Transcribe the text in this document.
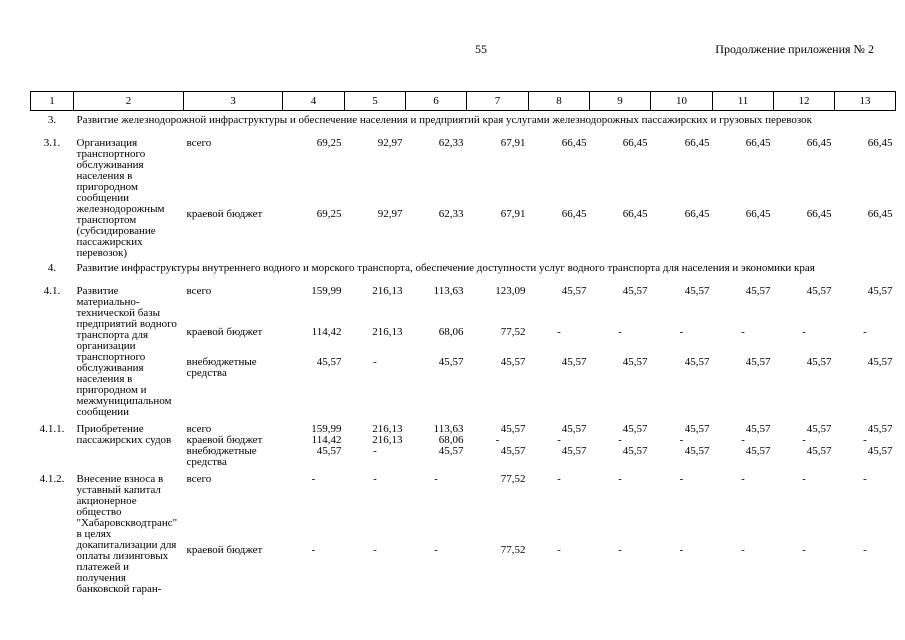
55	Продолжение приложения № 2
1	2	3	4	5	6	7	8	9	10	11	12	13
3.	Развитие железнодорожной инфраструктуры и обеспечение населения и предприятий края услугами железнодорожных пассажирских и грузовых перевозок											
3.1.	Организация транспортного обслуживания населения в пригородном сообщении железнодорожным транспортом (субсидирование пассажирских перевозок)	всего	69,25	92,97	62,33	67,91	66,45	66,45	66,45	66,45	66,45	66,45
		краевой бюджет	69,25	92,97	62,33	67,91	66,45	66,45	66,45	66,45	66,45	66,45
4.	Развитие инфраструктуры внутреннего водного и морского транспорта, обеспечение доступности услуг водного транспорта для населения и экономики края											
4.1.	Развитие материально-технической базы предприятий водного транспорта для организации транспортного обслуживания населения в пригородном и межмуниципальном сообщении	всего	159,99	216,13	113,63	123,09	45,57	45,57	45,57	45,57	45,57	45,57
		краевой бюджет	114,42	216,13	68,06	77,52	-	-	-	-	-	-
		внебюджетные средства	45,57	-	45,57	45,57	45,57	45,57	45,57	45,57	45,57	45,57
4.1.1.	Приобретение пассажирских судов	всего	159,99	216,13	113,63	45,57	45,57	45,57	45,57	45,57	45,57	45,57
		краевой бюджет	114,42	216,13	68,06	-	-	-	-	-	-	-
		внебюджетные средства	45,57	-	45,57	45,57	45,57	45,57	45,57	45,57	45,57	45,57
4.1.2.	Внесение взноса в уставный капитал акционерное общество "Хабаровскводтранс" в целях докапитализации для оплаты лизинговых платежей и получения банковской гаран-	всего	-	-	-	77,52	-	-	-	-	-	-
		краевой бюджет	-	-	-	77,52	-	-	-	-	-	-
